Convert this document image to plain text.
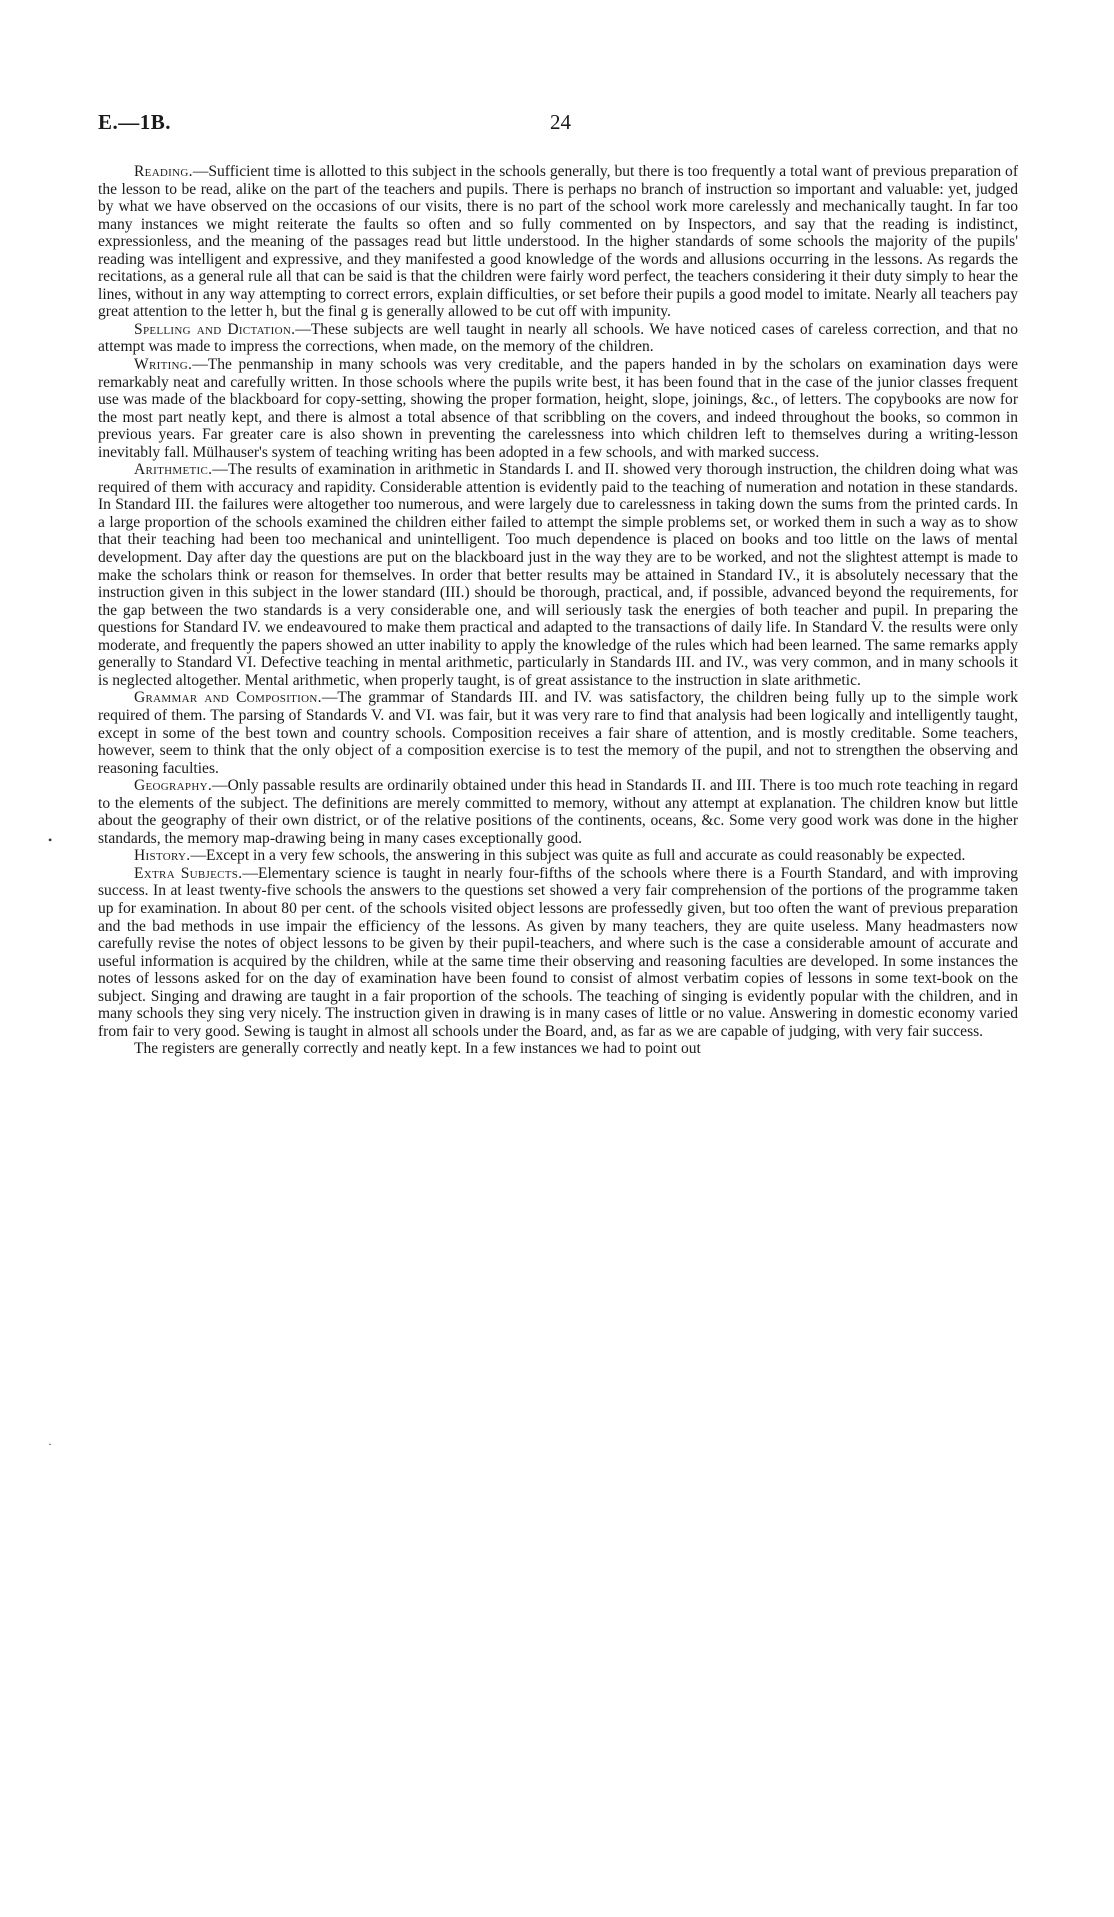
E.—1B.	24

Reading.—Sufficient time is allotted to this subject in the schools generally, but there is too frequently a total want of previous preparation of the lesson to be read, alike on the part of the teachers and pupils. There is perhaps no branch of instruction so important and valuable: yet, judged by what we have observed on the occasions of our visits, there is no part of the school work more carelessly and mechanically taught. In far too many instances we might reiterate the faults so often and so fully commented on by Inspectors, and say that the reading is indistinct, expressionless, and the meaning of the passages read but little understood. In the higher standards of some schools the majority of the pupils' reading was intelligent and expressive, and they manifested a good knowledge of the words and allusions occurring in the lessons. As regards the recitations, as a general rule all that can be said is that the children were fairly word perfect, the teachers considering it their duty simply to hear the lines, without in any way attempting to correct errors, explain difficulties, or set before their pupils a good model to imitate. Nearly all teachers pay great attention to the letter h, but the final g is generally allowed to be cut off with impunity.

Spelling and Dictation.—These subjects are well taught in nearly all schools. We have noticed cases of careless correction, and that no attempt was made to impress the corrections, when made, on the memory of the children.

Writing.—The penmanship in many schools was very creditable, and the papers handed in by the scholars on examination days were remarkably neat and carefully written. In those schools where the pupils write best, it has been found that in the case of the junior classes frequent use was made of the blackboard for copy-setting, showing the proper formation, height, slope, joinings, &c., of letters. The copybooks are now for the most part neatly kept, and there is almost a total absence of that scribbling on the covers, and indeed throughout the books, so common in previous years. Far greater care is also shown in preventing the carelessness into which children left to themselves during a writing-lesson inevitably fall. Mülhauser's system of teaching writing has been adopted in a few schools, and with marked success.

Arithmetic.—The results of examination in arithmetic in Standards I. and II. showed very thorough instruction, the children doing what was required of them with accuracy and rapidity. Considerable attention is evidently paid to the teaching of numeration and notation in these standards. In Standard III. the failures were altogether too numerous, and were largely due to carelessness in taking down the sums from the printed cards. In a large proportion of the schools examined the children either failed to attempt the simple problems set, or worked them in such a way as to show that their teaching had been too mechanical and unintelligent. Too much dependence is placed on books and too little on the laws of mental development. Day after day the questions are put on the blackboard just in the way they are to be worked, and not the slightest attempt is made to make the scholars think or reason for themselves. In order that better results may be attained in Standard IV., it is absolutely necessary that the instruction given in this subject in the lower standard (III.) should be thorough, practical, and, if possible, advanced beyond the requirements, for the gap between the two standards is a very considerable one, and will seriously task the energies of both teacher and pupil. In preparing the questions for Standard IV. we endeavoured to make them practical and adapted to the transactions of daily life. In Standard V. the results were only moderate, and frequently the papers showed an utter inability to apply the knowledge of the rules which had been learned. The same remarks apply generally to Standard VI. Defective teaching in mental arithmetic, particularly in Standards III. and IV., was very common, and in many schools it is neglected altogether. Mental arithmetic, when properly taught, is of great assistance to the instruction in slate arithmetic.

Grammar and Composition.—The grammar of Standards III. and IV. was satisfactory, the children being fully up to the simple work required of them. The parsing of Standards V. and VI. was fair, but it was very rare to find that analysis had been logically and intelligently taught, except in some of the best town and country schools. Composition receives a fair share of attention, and is mostly creditable. Some teachers, however, seem to think that the only object of a composition exercise is to test the memory of the pupil, and not to strengthen the observing and reasoning faculties.

Geography.—Only passable results are ordinarily obtained under this head in Standards II. and III. There is too much rote teaching in regard to the elements of the subject. The definitions are merely committed to memory, without any attempt at explanation. The children know but little about the geography of their own district, or of the relative positions of the continents, oceans, &c. Some very good work was done in the higher standards, the memory map-drawing being in many cases exceptionally good.

History.—Except in a very few schools, the answering in this subject was quite as full and accurate as could reasonably be expected.

Extra Subjects.—Elementary science is taught in nearly four-fifths of the schools where there is a Fourth Standard, and with improving success. In at least twenty-five schools the answers to the questions set showed a very fair comprehension of the portions of the programme taken up for examination. In about 80 per cent. of the schools visited object lessons are professedly given, but too often the want of previous preparation and the bad methods in use impair the efficiency of the lessons. As given by many teachers, they are quite useless. Many headmasters now carefully revise the notes of object lessons to be given by their pupil-teachers, and where such is the case a considerable amount of accurate and useful information is acquired by the children, while at the same time their observing and reasoning faculties are developed. In some instances the notes of lessons asked for on the day of examination have been found to consist of almost verbatim copies of lessons in some text-book on the subject. Singing and drawing are taught in a fair proportion of the schools. The teaching of singing is evidently popular with the children, and in many schools they sing very nicely. The instruction given in drawing is in many cases of little or no value. Answering in domestic economy varied from fair to very good. Sewing is taught in almost all schools under the Board, and, as far as we are capable of judging, with very fair success.

The registers are generally correctly and neatly kept. In a few instances we had to point out

•
·
